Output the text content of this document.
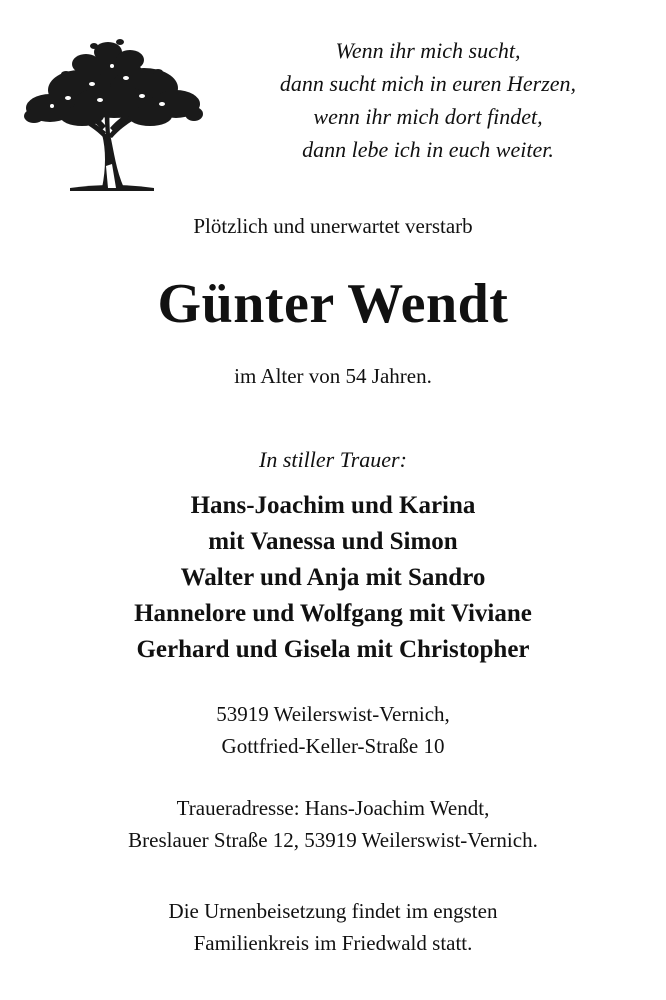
Wenn ihr mich sucht,
dann sucht mich in euren Herzen,
wenn ihr mich dort findet,
dann lebe ich in euch weiter.
Plötzlich und unerwartet verstarb
Günter Wendt
im Alter von 54 Jahren.
In stiller Trauer:
Hans-Joachim und Karina
mit Vanessa und Simon
Walter und Anja mit Sandro
Hannelore und Wolfgang mit Viviane
Gerhard und Gisela mit Christopher
53919 Weilerswist-Vernich,
Gottfried-Keller-Straße 10
Traueradresse: Hans-Joachim Wendt,
Breslauer Straße 12, 53919 Weilerswist-Vernich.
Die Urnenbeisetzung findet im engsten
Familienkreis im Friedwald statt.
